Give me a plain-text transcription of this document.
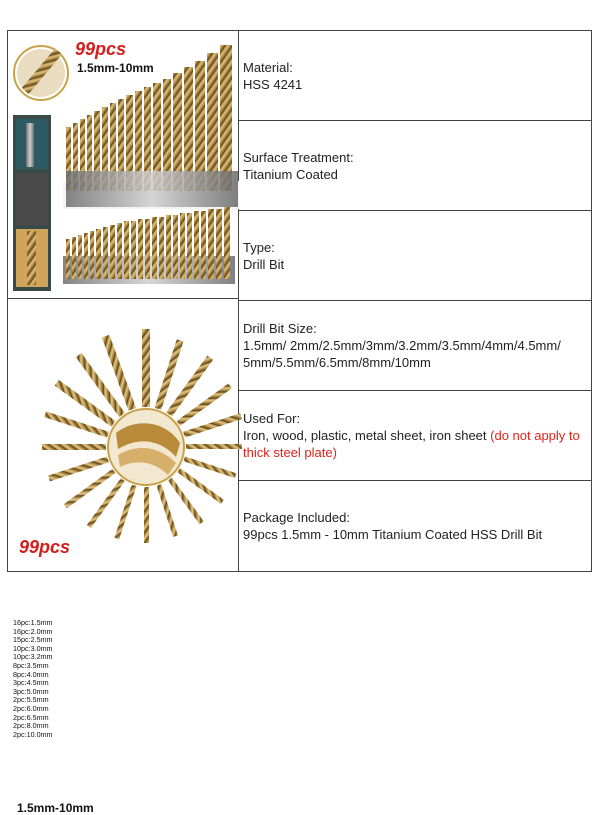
99pcs
1.5mm-10mm
16pc:1.5mm
16pc:2.0mm
15pc:2.5mm
10pc:3.0mm
10pc:3.2mm
8pc:3.5mm
8pc:4.0mm
3pc:4.5mm
3pc:5.0mm
2pc:5.5mm
2pc:6.0mm
2pc:6.5mm
2pc:8.0mm
2pc:10.0mm
99pcs
1.5mm-10mm
Material:
HSS 4241
Surface Treatment:
Titanium Coated
Type:
Drill Bit
Drill Bit Size:
1.5mm/ 2mm/2.5mm/3mm/3.2mm/3.5mm/4mm/4.5mm/ 5mm/5.5mm/6.5mm/8mm/10mm
Used For:
Iron, wood, plastic, metal sheet, iron sheet (do not apply to thick steel plate)
Package Included:
99pcs 1.5mm - 10mm Titanium Coated HSS Drill Bit
